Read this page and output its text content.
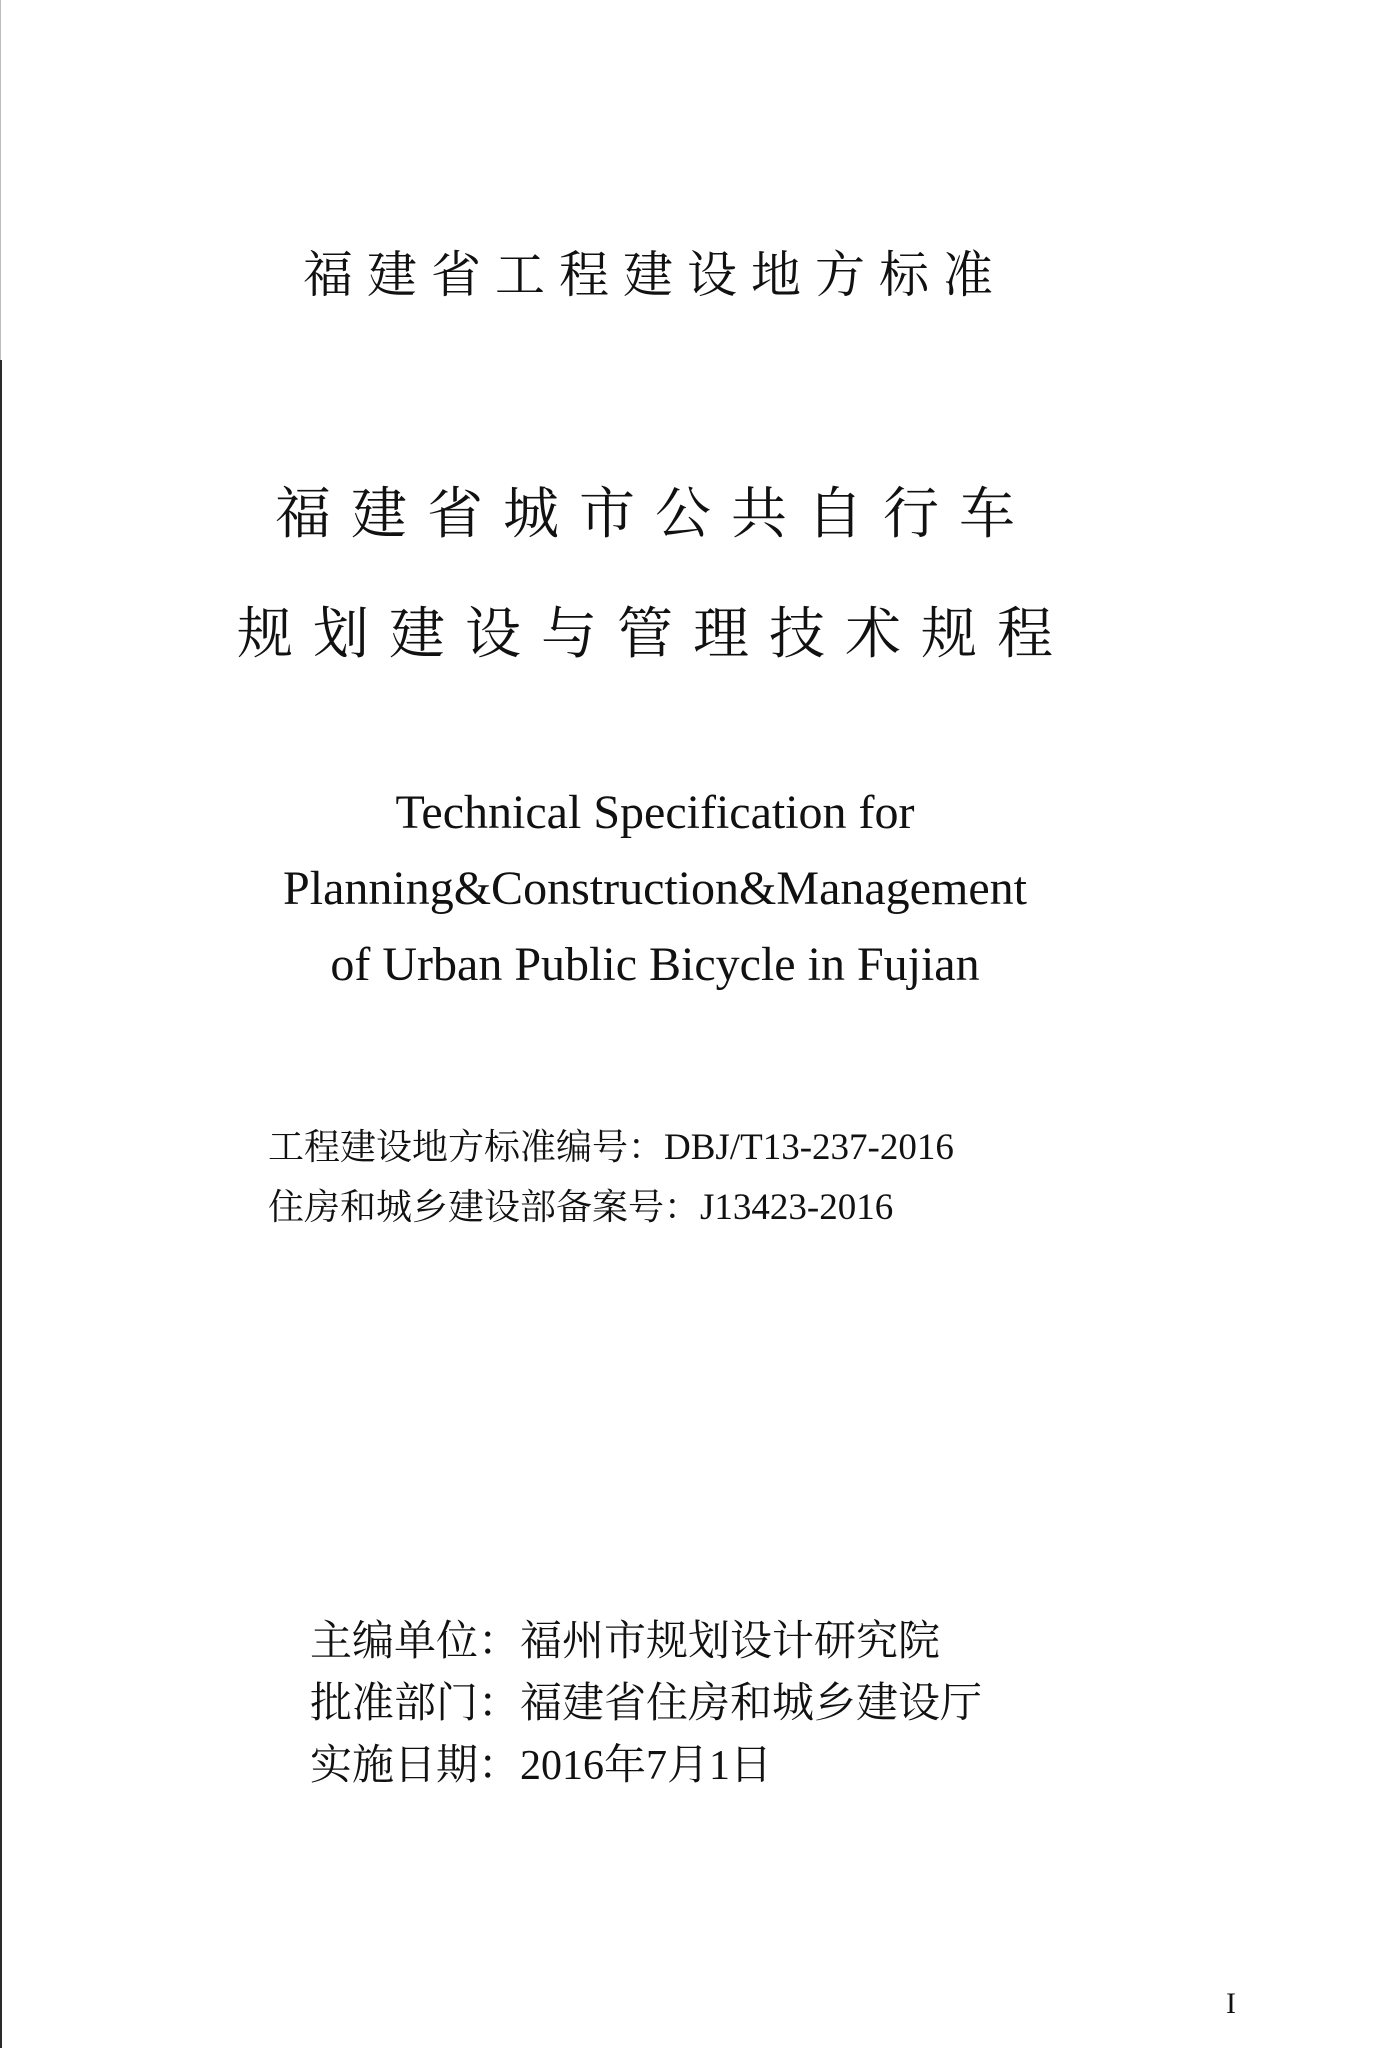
福建省工程建设地方标准
福建省城市公共自行车
规划建设与管理技术规程
Technical Specification for
Planning&Construction&Management
of Urban Public Bicycle in Fujian
工程建设地方标准编号：DBJ/T13-237-2016
住房和城乡建设部备案号：J13423-2016
主编单位：福州市规划设计研究院
批准部门：福建省住房和城乡建设厅
实施日期：2016年7月1日
I
